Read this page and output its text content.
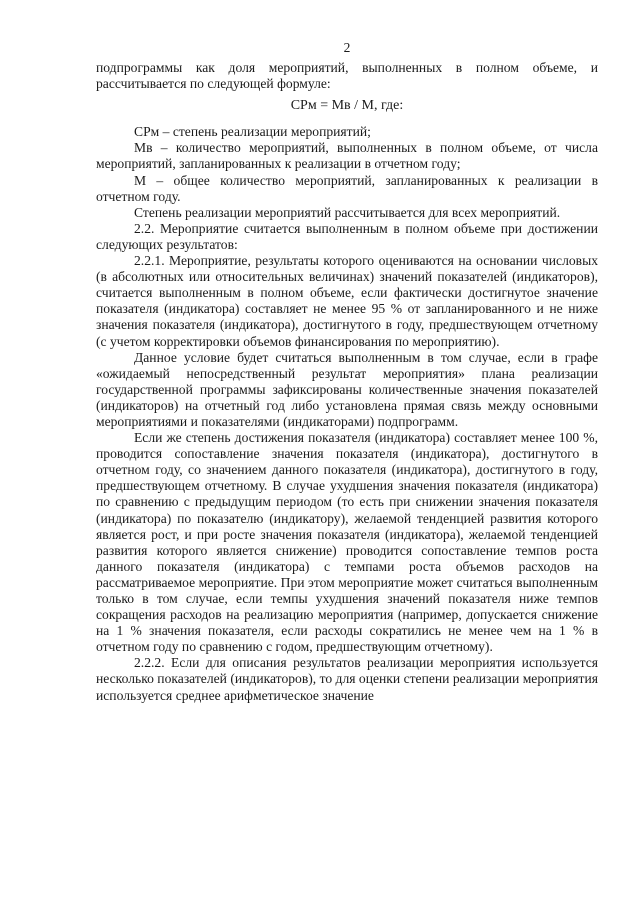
2

подпрограммы как доля мероприятий, выполненных в полном объеме, и рассчитывается по следующей формуле:

СРм = Мв / М, где:

СРм – степень реализации мероприятий;

Мв – количество мероприятий, выполненных в полном объеме, от числа мероприятий, запланированных к реализации в отчетном году;

М – общее количество мероприятий, запланированных к реализации в отчетном году.

Степень реализации мероприятий рассчитывается для всех мероприятий.

2.2. Мероприятие считается выполненным в полном объеме при достижении следующих результатов:

2.2.1. Мероприятие, результаты которого оцениваются на основании числовых (в абсолютных или относительных величинах) значений показателей (индикаторов), считается выполненным в полном объеме, если фактически достигнутое значение показателя (индикатора) составляет не менее 95 % от запланированного и не ниже значения показателя (индикатора), достигнутого в году, предшествующем отчетному (с учетом корректировки объемов финансирования по мероприятию).

Данное условие будет считаться выполненным в том случае, если в графе «ожидаемый непосредственный результат мероприятия» плана реализации государственной программы зафиксированы количественные значения показателей (индикаторов) на отчетный год либо установлена прямая связь между основными мероприятиями и показателями (индикаторами) подпрограмм.

Если же степень достижения показателя (индикатора) составляет менее 100 %, проводится сопоставление значения показателя (индикатора), достигнутого в отчетном году, со значением данного показателя (индикатора), достигнутого в году, предшествующем отчетному. В случае ухудшения значения показателя (индикатора) по сравнению с предыдущим периодом (то есть при снижении значения показателя (индикатора) по показателю (индикатору), желаемой тенденцией развития которого является рост, и при росте значения показателя (индикатора), желаемой тенденцией развития которого является снижение) проводится сопоставление темпов роста данного показателя (индикатора) с темпами роста объемов расходов на рассматриваемое мероприятие. При этом мероприятие может считаться выполненным только в том случае, если темпы ухудшения значений показателя ниже темпов сокращения расходов на реализацию мероприятия (например, допускается снижение на 1 % значения показателя, если расходы сократились не менее чем на 1 % в отчетном году по сравнению с годом, предшествующим отчетному).

2.2.2. Если для описания результатов реализации мероприятия используется несколько показателей (индикаторов), то для оценки степени реализации мероприятия используется среднее арифметическое значение
